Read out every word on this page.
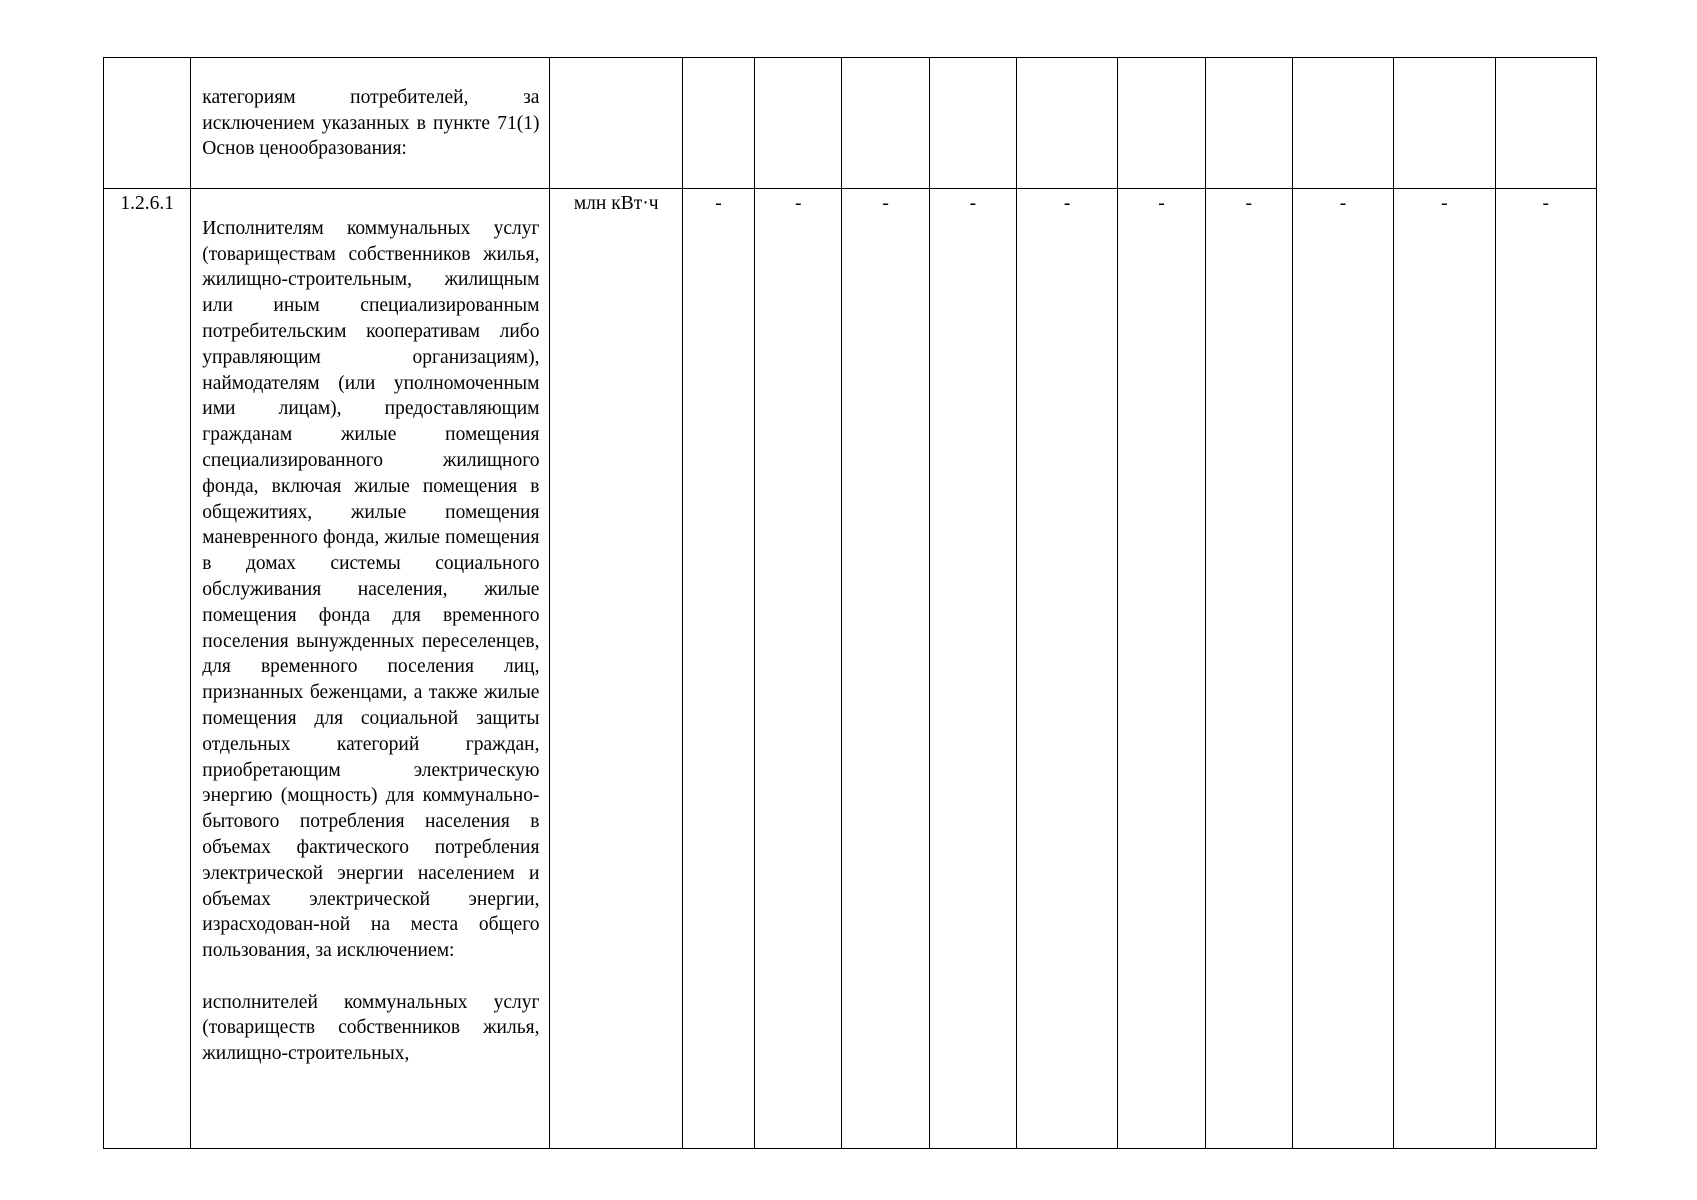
	категориям потребителей, за исключением указанных в пункте 71(1) Основ ценообразования:											

1.2.6.1	Исполнителям коммунальных услуг (товариществам собственников жилья, жилищно-строительным, жилищным или иным специализированным потребительским кооперативам либо управляющим организациям), наймодателям (или уполномоченным ими лицам), предоставляющим гражданам жилые помещения специализированного жилищного фонда, включая жилые помещения в общежитиях, жилые помещения маневренного фонда, жилые помещения в домах системы социального обслуживания населения, жилые помещения фонда для временного поселения вынужденных переселенцев, для временного поселения лиц, признанных беженцами, а также жилые помещения для социальной защиты отдельных категорий граждан, приобретающим электрическую энергию (мощность) для коммунально-бытового потребления населения в объемах фактического потребления электрической энергии населением и объемах электрической энергии, израсходован-ной на места общего пользования, за исключением:

исполнителей коммунальных услуг (товариществ собственников жилья, жилищно-строительных,	млн кВт·ч	-	-	-	-	-	-	-	-	-	-
